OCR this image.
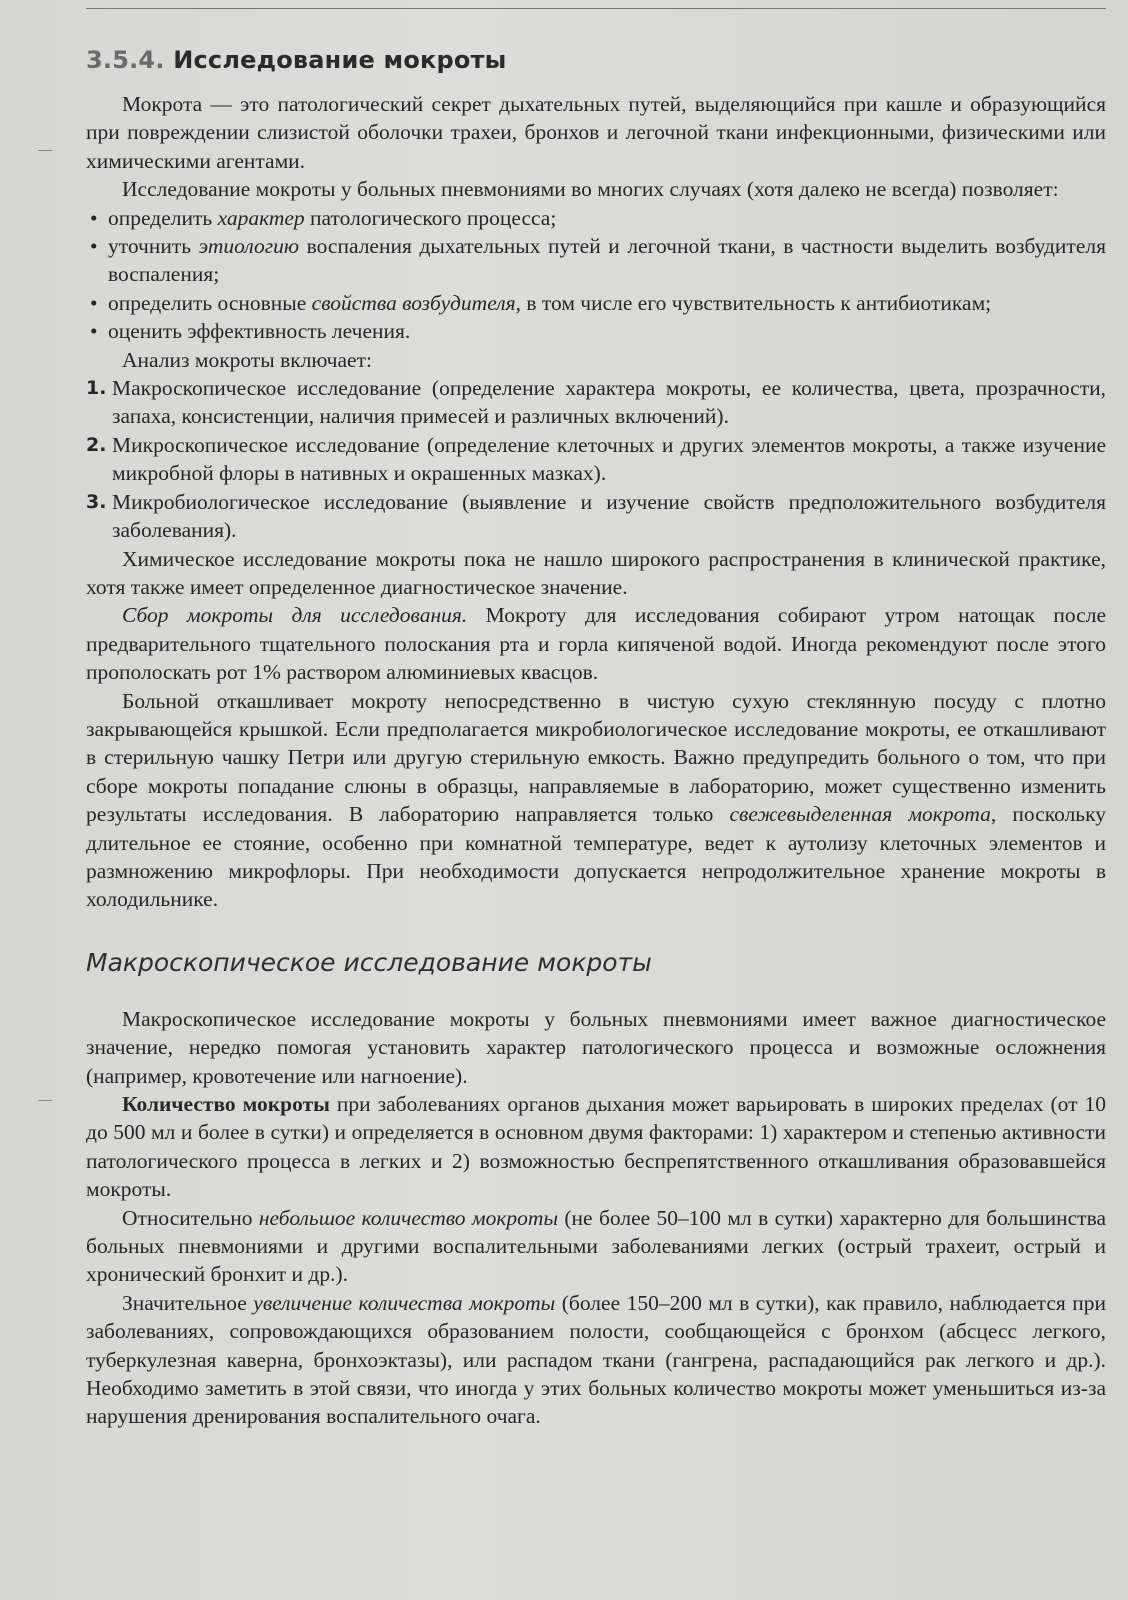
3.5.4. Исследование мокроты

Мокрота — это патологический секрет дыхательных путей, выделяющийся при кашле и образующийся при повреждении слизистой оболочки трахеи, бронхов и легочной ткани инфекционными, физическими или химическими агентами.

Исследование мокроты у больных пневмониями во многих случаях (хотя далеко не всегда) позволяет:

• определить характер патологического процесса;
• уточнить этиологию воспаления дыхательных путей и легочной ткани, в частности выделить возбудителя воспаления;
• определить основные свойства возбудителя, в том числе его чувствительность к антибиотикам;
• оценить эффективность лечения.

Анализ мокроты включает:

1. Макроскопическое исследование (определение характера мокроты, ее количества, цвета, прозрачности, запаха, консистенции, наличия примесей и различных включений).
2. Микроскопическое исследование (определение клеточных и других элементов мокроты, а также изучение микробной флоры в нативных и окрашенных мазках).
3. Микробиологическое исследование (выявление и изучение свойств предположительного возбудителя заболевания).

Химическое исследование мокроты пока не нашло широкого распространения в клинической практике, хотя также имеет определенное диагностическое значение.

Сбор мокроты для исследования. Мокроту для исследования собирают утром натощак после предварительного тщательного полоскания рта и горла кипяченой водой. Иногда рекомендуют после этого прополоскать рот 1% раствором алюминиевых квасцов.

Больной откашливает мокроту непосредственно в чистую сухую стеклянную посуду с плотно закрывающейся крышкой. Если предполагается микробиологическое исследование мокроты, ее откашливают в стерильную чашку Петри или другую стерильную емкость. Важно предупредить больного о том, что при сборе мокроты попадание слюны в образцы, направляемые в лабораторию, может существенно изменить результаты исследования. В лабораторию направляется только свежевыделенная мокрота, поскольку длительное ее стояние, особенно при комнатной температуре, ведет к аутолизу клеточных элементов и размножению микрофлоры. При необходимости допускается непродолжительное хранение мокроты в холодильнике.

Макроскопическое исследование мокроты

Макроскопическое исследование мокроты у больных пневмониями имеет важное диагностическое значение, нередко помогая установить характер патологического процесса и возможные осложнения (например, кровотечение или нагноение).

Количество мокроты при заболеваниях органов дыхания может варьировать в широких пределах (от 10 до 500 мл и более в сутки) и определяется в основном двумя факторами: 1) характером и степенью активности патологического процесса в легких и 2) возможностью беспрепятственного откашливания образовавшейся мокроты.

Относительно небольшое количество мокроты (не более 50–100 мл в сутки) характерно для большинства больных пневмониями и другими воспалительными заболеваниями легких (острый трахеит, острый и хронический бронхит и др.).

Значительное увеличение количества мокроты (более 150–200 мл в сутки), как правило, наблюдается при заболеваниях, сопровождающихся образованием полости, сообщающейся с бронхом (абсцесс легкого, туберкулезная каверна, бронхоэктазы), или распадом ткани (гангрена, распадающийся рак легкого и др.). Необходимо заметить в этой связи, что иногда у этих больных количество мокроты может уменьшиться из-за нарушения дренирования воспалительного очага.
